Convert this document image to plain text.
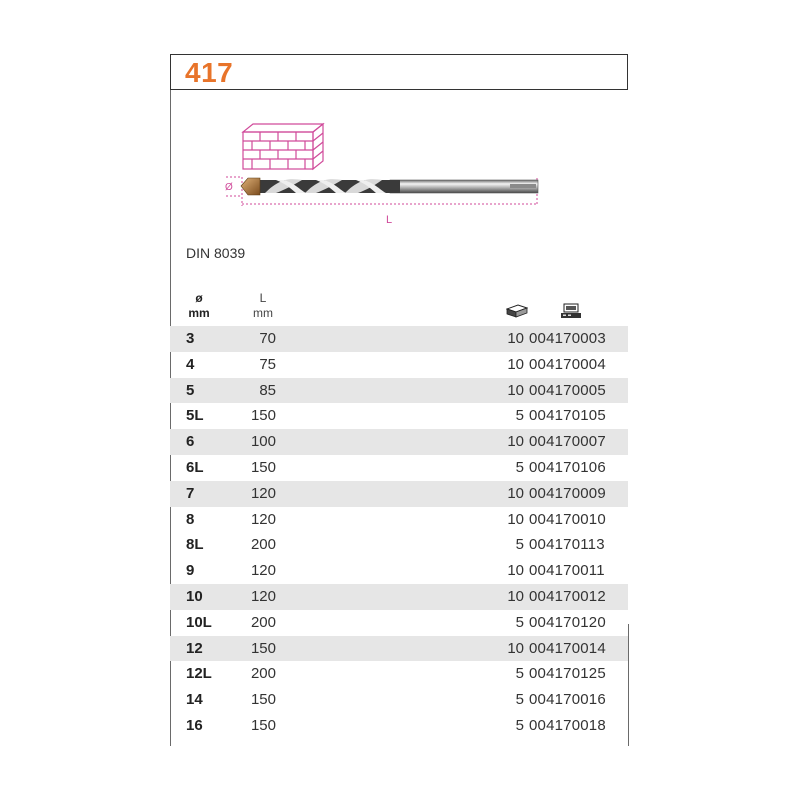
417
Ø
L
DIN 8039
ø
mm
L
mm
3	70	10 004170003
4	75	10 004170004
5	85	10 004170005
5L	150	5 004170105
6	100	10 004170007
6L	150	5 004170106
7	120	10 004170009
8	120	10 004170010
8L	200	5 004170113
9	120	10 004170011
10	120	10 004170012
10L	200	5 004170120
12	150	10 004170014
12L	200	5 004170125
14	150	5 004170016
16	150	5 004170018
